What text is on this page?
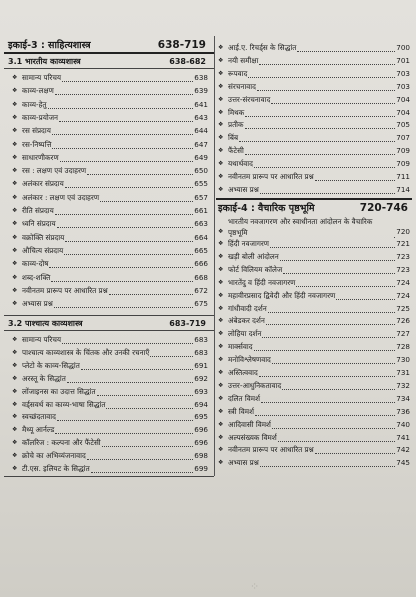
इकाई-3 : साहित्यशास्त्र	638-719
3.1 भारतीय काव्यशास्त्र	638-682
❖ सामान्य परिचय	638
❖ काव्य-लक्षण	639
❖ काव्य-हेतु	641
❖ काव्य-प्रयोजन	643
❖ रस संप्रदाय	644
❖ रस-निष्पत्ति	647
❖ साधारणीकरण	649
❖ रस : लक्षण एवं उदाहरण	650
❖ अलंकार संप्रदाय	655
❖ अलंकार : लक्षण एवं उदाहरण	657
❖ रीति संप्रदाय	661
❖ ध्वनि संप्रदाय	663
❖ वक्रोक्ति संप्रदाय	664
❖ औचित्य संप्रदाय	665
❖ काव्य-दोष	666
❖ शब्द-शक्ति	668
❖ नवीनतम प्रारूप पर आधारित प्रश्न	672
❖ अभ्यास प्रश्न	675
3.2 पाश्चात्य काव्यशास्त्र	683-719
❖ सामान्य परिचय	683
❖ पाश्चात्य काव्यशास्त्र के चिंतक और उनकी रचनाएँ	683
❖ प्लेटो के काव्य-सिद्धांत	691
❖ अरस्तू के सिद्धांत	692
❖ लोंजाइनस का उदात्त सिद्धांत	693
❖ वर्ड्सवर्थ का काव्य-भाषा सिद्धांत	694
❖ स्वच्छंदतावाद	695
❖ मैथ्यू आर्नल्ड	696
❖ कॉलरिज : कल्पना और फैंटेसी	696
❖ क्रोचे का अभिव्यंजनावाद	698
❖ टी.एस. इलियट के सिद्धांत	699
❖ आई.ए. रिचर्ड्स के सिद्धांत	700
❖ नयी समीक्षा	701
❖ रूपवाद	703
❖ संरचनावाद	703
❖ उत्तर-संरचनावाद	704
❖ मिथक	704
❖ प्रतीक	705
❖ बिंब	707
❖ फैंटेसी	709
❖ यथार्थवाद	709
❖ नवीनतम प्रारूप पर आधारित प्रश्न	711
❖ अभ्यास प्रश्न	714
इकाई-4 : वैचारिक पृष्ठभूमि	720-746
❖
भारतीय नवजागरण और स्वाधीनता आंदोलन के वैचारिक पृष्ठभूमि	720
❖ हिंदी नवजागरण	721
❖ खड़ी बोली आंदोलन	723
❖ फोर्ट विलियम कॉलेज	723
❖ भारतेंदु व हिंदी नवजागरण	724
❖ महावीरप्रसाद द्विवेदी और हिंदी नवजागरण	724
❖ गांधीवादी दर्शन	725
❖ अंबेडकर दर्शन	726
❖ लोहिया दर्शन	727
❖ मार्क्सवाद	728
❖ मनोविश्लेषणवाद	730
❖ अस्तित्ववाद	731
❖ उत्तर-आधुनिकतावाद	732
❖ दलित विमर्श	734
❖ स्त्री विमर्श	736
❖ आदिवासी विमर्श	740
❖ अल्पसंख्यक विमर्श	741
❖ नवीनतम प्रारूप पर आधारित प्रश्न	742
❖ अभ्यास प्रश्न	745
⁘
